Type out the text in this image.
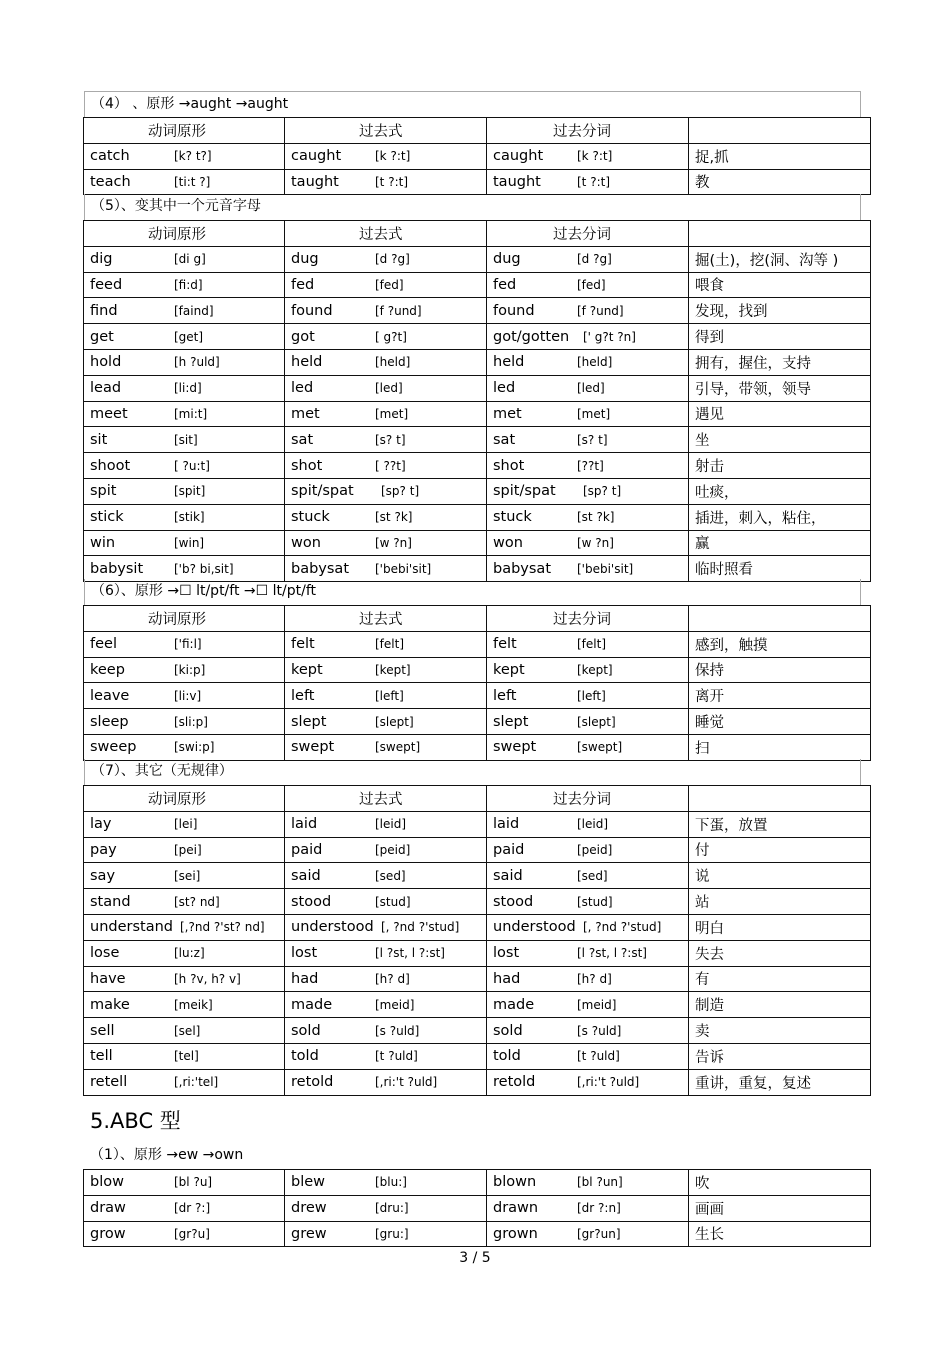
（4） 、原形 →aught →aught
动词原形	过去式	过去分词	
catch [k? t?]	caught [k ?:t]	caught [k ?:t]	捉,抓
teach [ti:t ?]	taught [t ?:t]	taught [t ?:t]	教
（5）、变其中一个元音字母
动词原形	过去式	过去分词	
dig [di g]	dug [d ?g]	dug [d ?g]	掘(土)，挖(洞、沟等 )
feed [fi:d]	fed [fed]	fed [fed]	喂食
find [faind]	found [f ?und]	found [f ?und]	发现，找到
get [get]	got [ g?t]	got/gotten [' g?t ?n]	得到
hold [h ?uld]	held [held]	held [held]	拥有，握住，支持
lead [li:d]	led [led]	led [led]	引导，带领，领导
meet [mi:t]	met [met]	met [met]	遇见
sit [sit]	sat [s? t]	sat [s? t]	坐
shoot [ ?u:t]	shot [ ??t]	shot [??t]	射击
spit [spit]	spit/spat [sp? t]	spit/spat [sp? t]	吐痰，
stick [stik]	stuck [st ?k]	stuck [st ?k]	插进，刺入，粘住，
win [win]	won [w ?n]	won [w ?n]	赢
babysit ['b? bi,sit]	babysat ['bebi'sit]	babysat ['bebi'sit]	临时照看
（6）、原形 →☐ lt/pt/ft →☐ lt/pt/ft
动词原形	过去式	过去分词	
feel ['fi:l]	felt [felt]	felt [felt]	感到，触摸
keep [ki:p]	kept [kept]	kept [kept]	保持
leave [li:v]	left [left]	left [left]	离开
sleep [sli:p]	slept [slept]	slept [slept]	睡觉
sweep [swi:p]	swept [swept]	swept [swept]	扫
（7）、其它（无规律）
动词原形	过去式	过去分词	
lay [lei]	laid [leid]	laid [leid]	下蛋，放置
pay [pei]	paid [peid]	paid [peid]	付
say [sei]	said [sed]	said [sed]	说
stand [st? nd]	stood [stud]	stood [stud]	站
understand [,?nd ?'st? nd]	understood [, ?nd ?'stud]	understood [, ?nd ?'stud]	明白
lose [lu:z]	lost [l ?st, l ?:st]	lost [l ?st, l ?:st]	失去
have [h ?v, h? v]	had [h? d]	had [h? d]	有
make [meik]	made [meid]	made [meid]	制造
sell [sel]	sold [s ?uld]	sold [s ?uld]	卖
tell [tel]	told [t ?uld]	told [t ?uld]	告诉
retell [,ri:'tel]	retold [,ri:'t ?uld]	retold [,ri:'t ?uld]	重讲，重复，复述
5.ABC 型
（1）、原形 →ew →own
blow [bl ?u]	blew [blu:]	blown [bl ?un]	吹
draw [dr ?:]	drew [dru:]	drawn [dr ?:n]	画画
grow [gr?u]	grew [gru:]	grown [gr?un]	生长
3 / 5
